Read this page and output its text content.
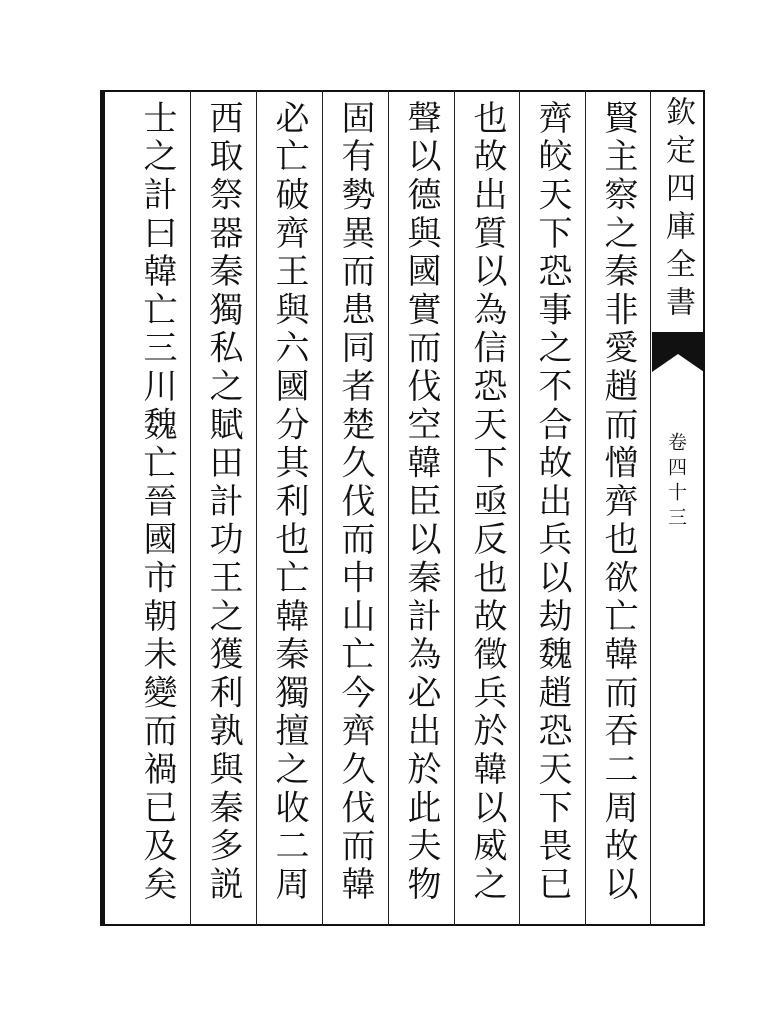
欽定四庫全書
卷四十三
賢主察之秦非愛趙而憎齊也欲亡韓而吞二周故以
齊皎天下恐事之不合故出兵以劫魏趙恐天下畏已
也故出質以為信恐天下亟反也故徵兵於韓以威之
聲以德與國實而伐空韓臣以秦計為必出於此夫物
固有勢異而患同者楚久伐而中山亡今齊久伐而韓
必亡破齊王與六國分其利也亡韓秦獨擅之收二周
西取祭器秦獨私之賦田計功王之獲利孰與秦多説
士之計曰韓亡三川魏亡晉國市朝未變而禍已及矣
